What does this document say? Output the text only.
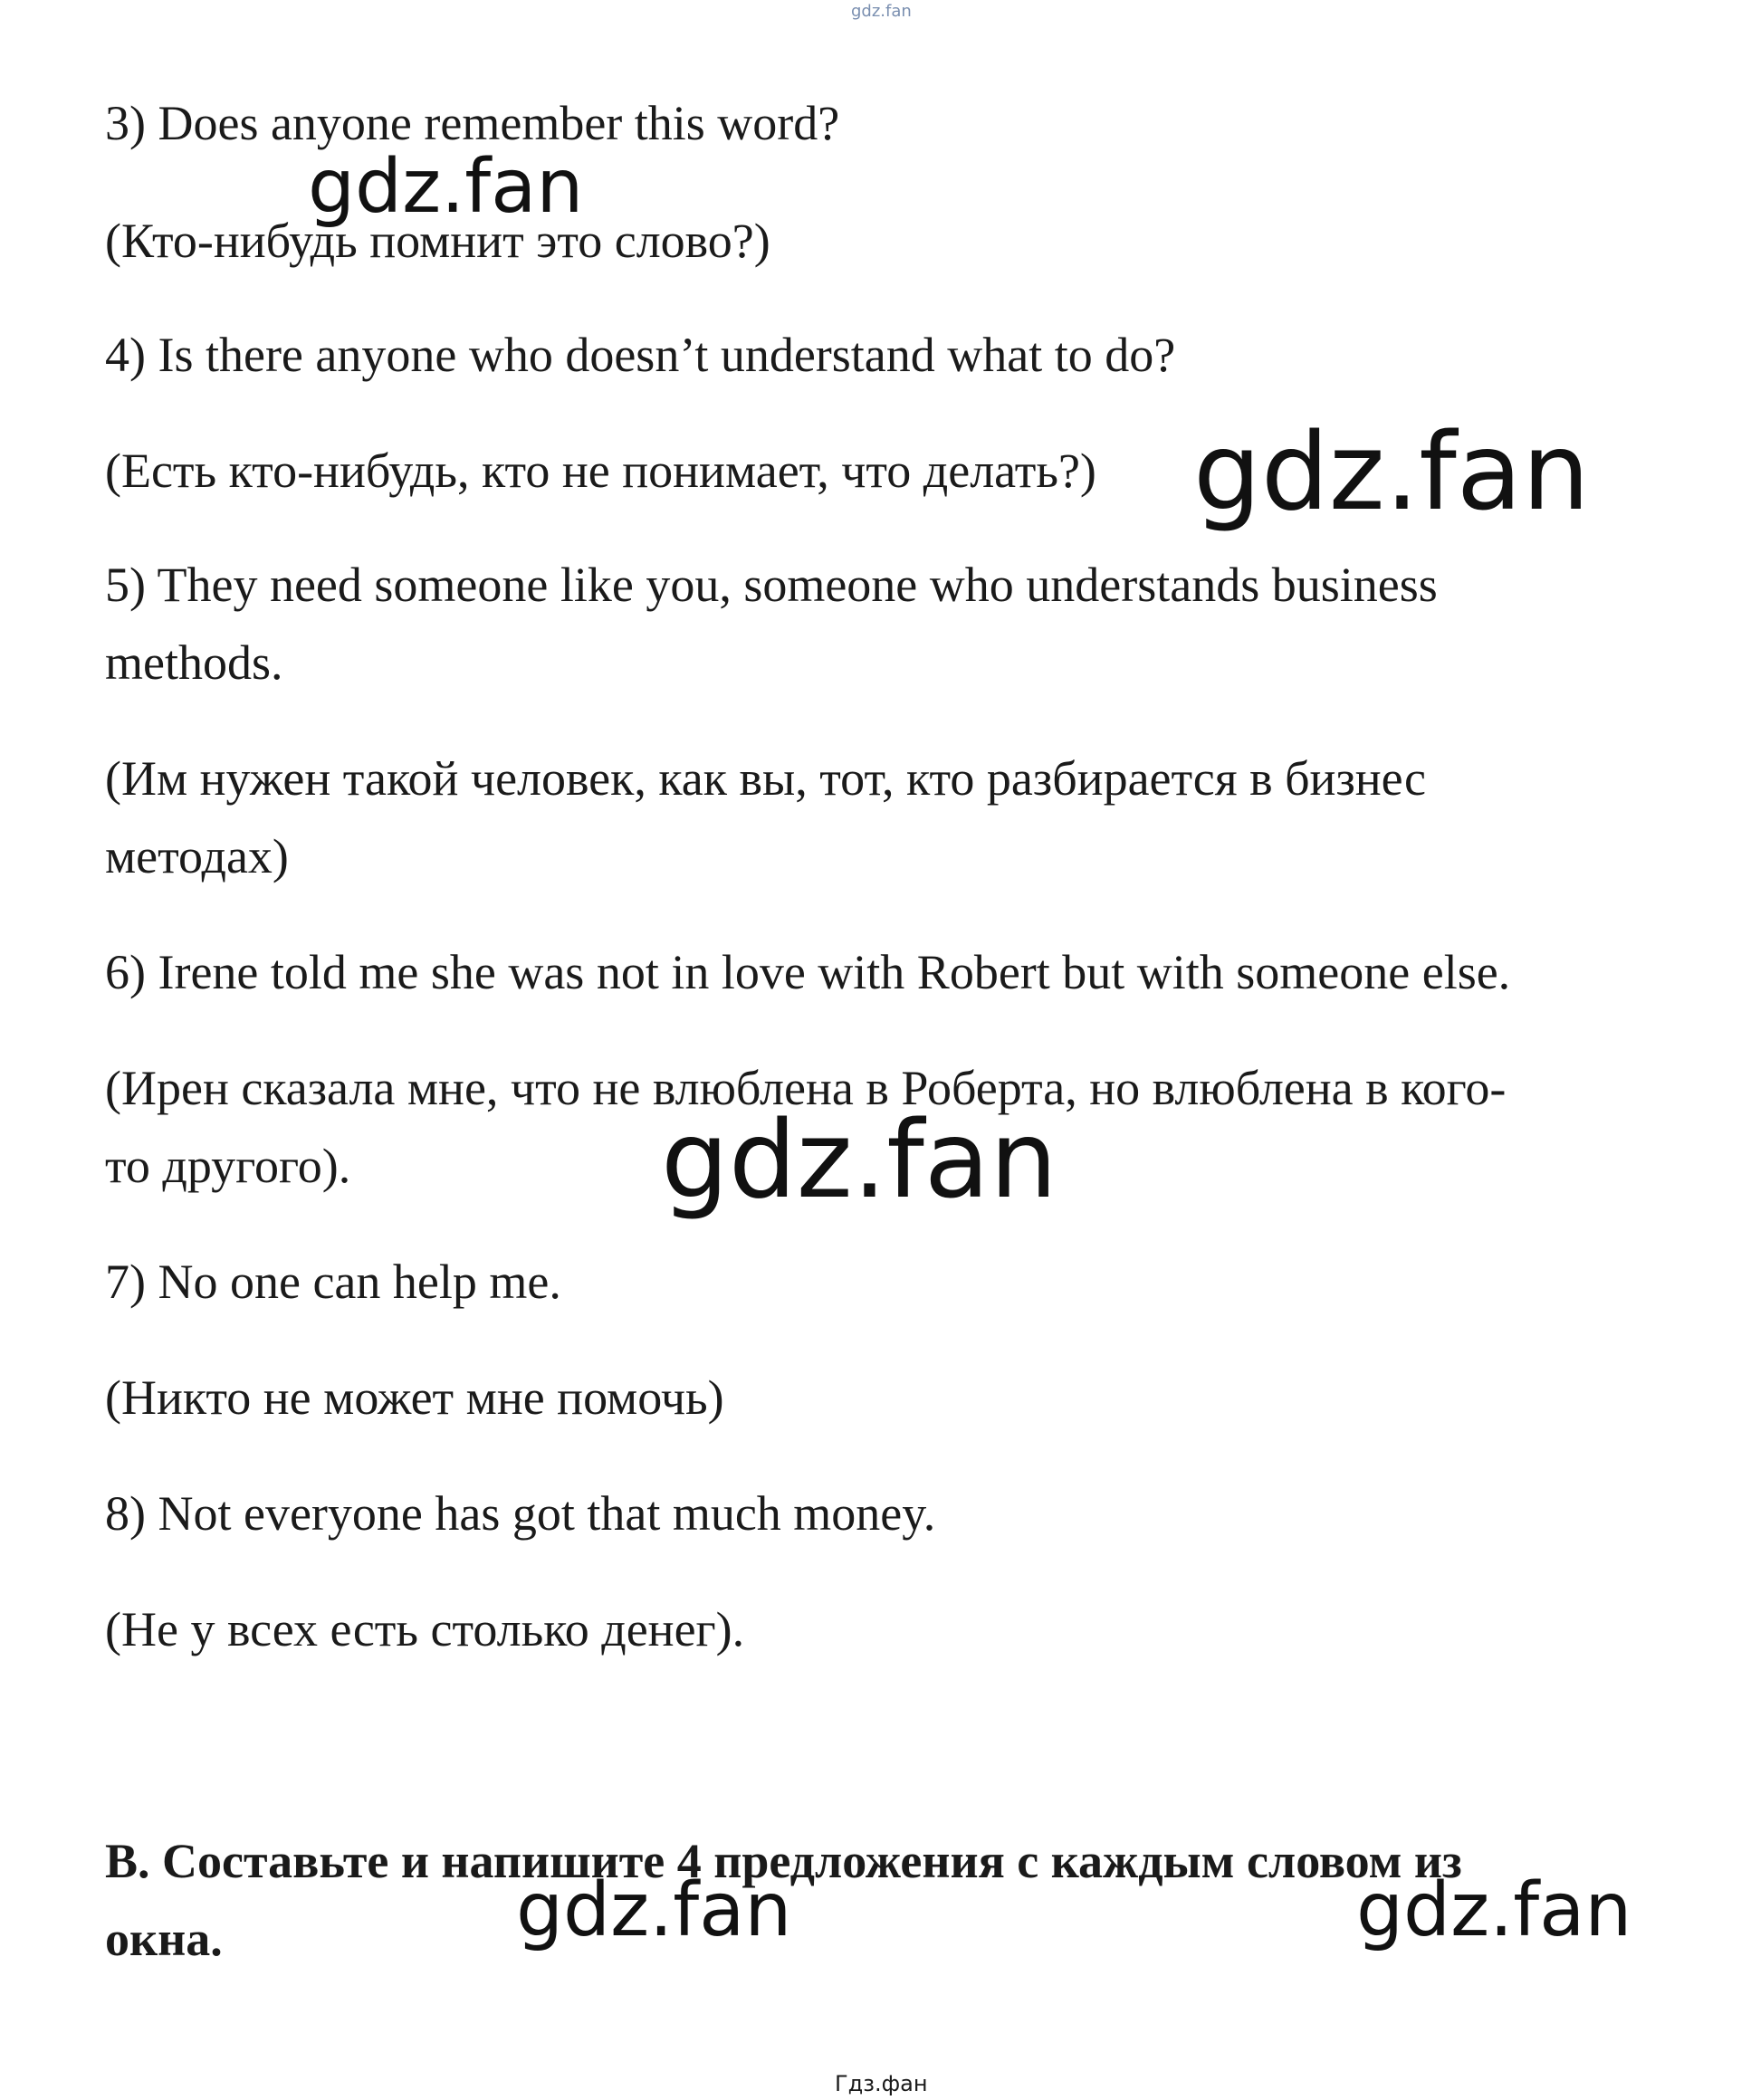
gdz.fan
3) Does anyone remember this word?
(Кто-нибудь помнит это слово?)
4) Is there anyone who doesn’t understand what to do?
(Есть кто-нибудь, кто не понимает, что делать?)
5) They need someone like you, someone who understands business
methods.
(Им нужен такой человек, как вы, тот, кто разбирается в бизнес
методах)
6) Irene told me she was not in love with Robert but with someone else.
(Ирен сказала мне, что не влюблена в Роберта, но влюблена в кого-
то другого).
7) No one can help me.
(Никто не может мне помочь)
8) Not everyone has got that much money.
(Не у всех есть столько денег).
B. Составьте и напишите 4 предложения с каждым словом из
окна.
gdz.fan
gdz.fan
gdz.fan
gdz.fan	gdz.fan
Гдз.фан
